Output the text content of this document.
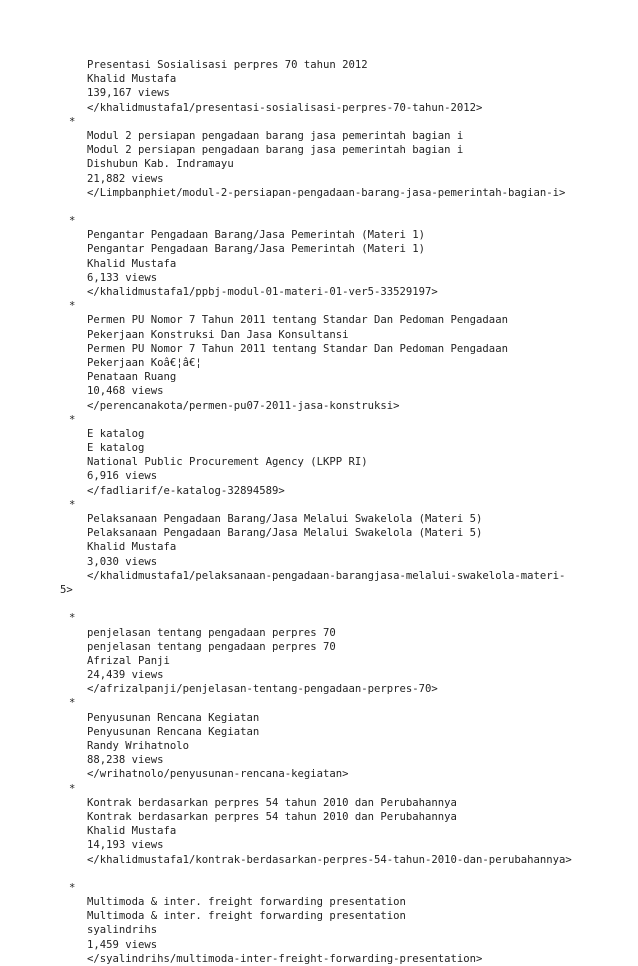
Presentasi Sosialisasi perpres 70 tahun 2012
Khalid Mustafa
139,167 views
</khalidmustafa1/presentasi-sosialisasi-perpres-70-tahun-2012>
*
Modul 2 persiapan pengadaan barang jasa pemerintah bagian i
Modul 2 persiapan pengadaan barang jasa pemerintah bagian i
Dishubun Kab. Indramayu
21,882 views
</Limpbanphiet/modul-2-persiapan-pengadaan-barang-jasa-pemerintah-bagian-i>
*
Pengantar Pengadaan Barang/Jasa Pemerintah (Materi 1)
Pengantar Pengadaan Barang/Jasa Pemerintah (Materi 1)
Khalid Mustafa
6,133 views
</khalidmustafa1/ppbj-modul-01-materi-01-ver5-33529197>
*
Permen PU Nomor 7 Tahun 2011 tentang Standar Dan Pedoman Pengadaan
Pekerjaan Konstruksi Dan Jasa Konsultansi
Permen PU Nomor 7 Tahun 2011 tentang Standar Dan Pedoman Pengadaan
Pekerjaan Koâ€¦â€¦
Penataan Ruang
10,468 views
</perencanakota/permen-pu07-2011-jasa-konstruksi>
*
E katalog
E katalog
National Public Procurement Agency (LKPP RI)
6,916 views
</fadliarif/e-katalog-32894589>
*
Pelaksanaan Pengadaan Barang/Jasa Melalui Swakelola (Materi 5)
Pelaksanaan Pengadaan Barang/Jasa Melalui Swakelola (Materi 5)
Khalid Mustafa
3,030 views
</khalidmustafa1/pelaksanaan-pengadaan-barangjasa-melalui-swakelola-materi-
5>
*
penjelasan tentang pengadaan perpres 70
penjelasan tentang pengadaan perpres 70
Afrizal Panji
24,439 views
</afrizalpanji/penjelasan-tentang-pengadaan-perpres-70>
*
Penyusunan Rencana Kegiatan
Penyusunan Rencana Kegiatan
Randy Wrihatnolo
88,238 views
</wrihatnolo/penyusunan-rencana-kegiatan>
*
Kontrak berdasarkan perpres 54 tahun 2010 dan Perubahannya
Kontrak berdasarkan perpres 54 tahun 2010 dan Perubahannya
Khalid Mustafa
14,193 views
</khalidmustafa1/kontrak-berdasarkan-perpres-54-tahun-2010-dan-perubahannya>
*
Multimoda & inter. freight forwarding presentation
Multimoda & inter. freight forwarding presentation
syalindrihs
1,459 views
</syalindrihs/multimoda-inter-freight-forwarding-presentation>
